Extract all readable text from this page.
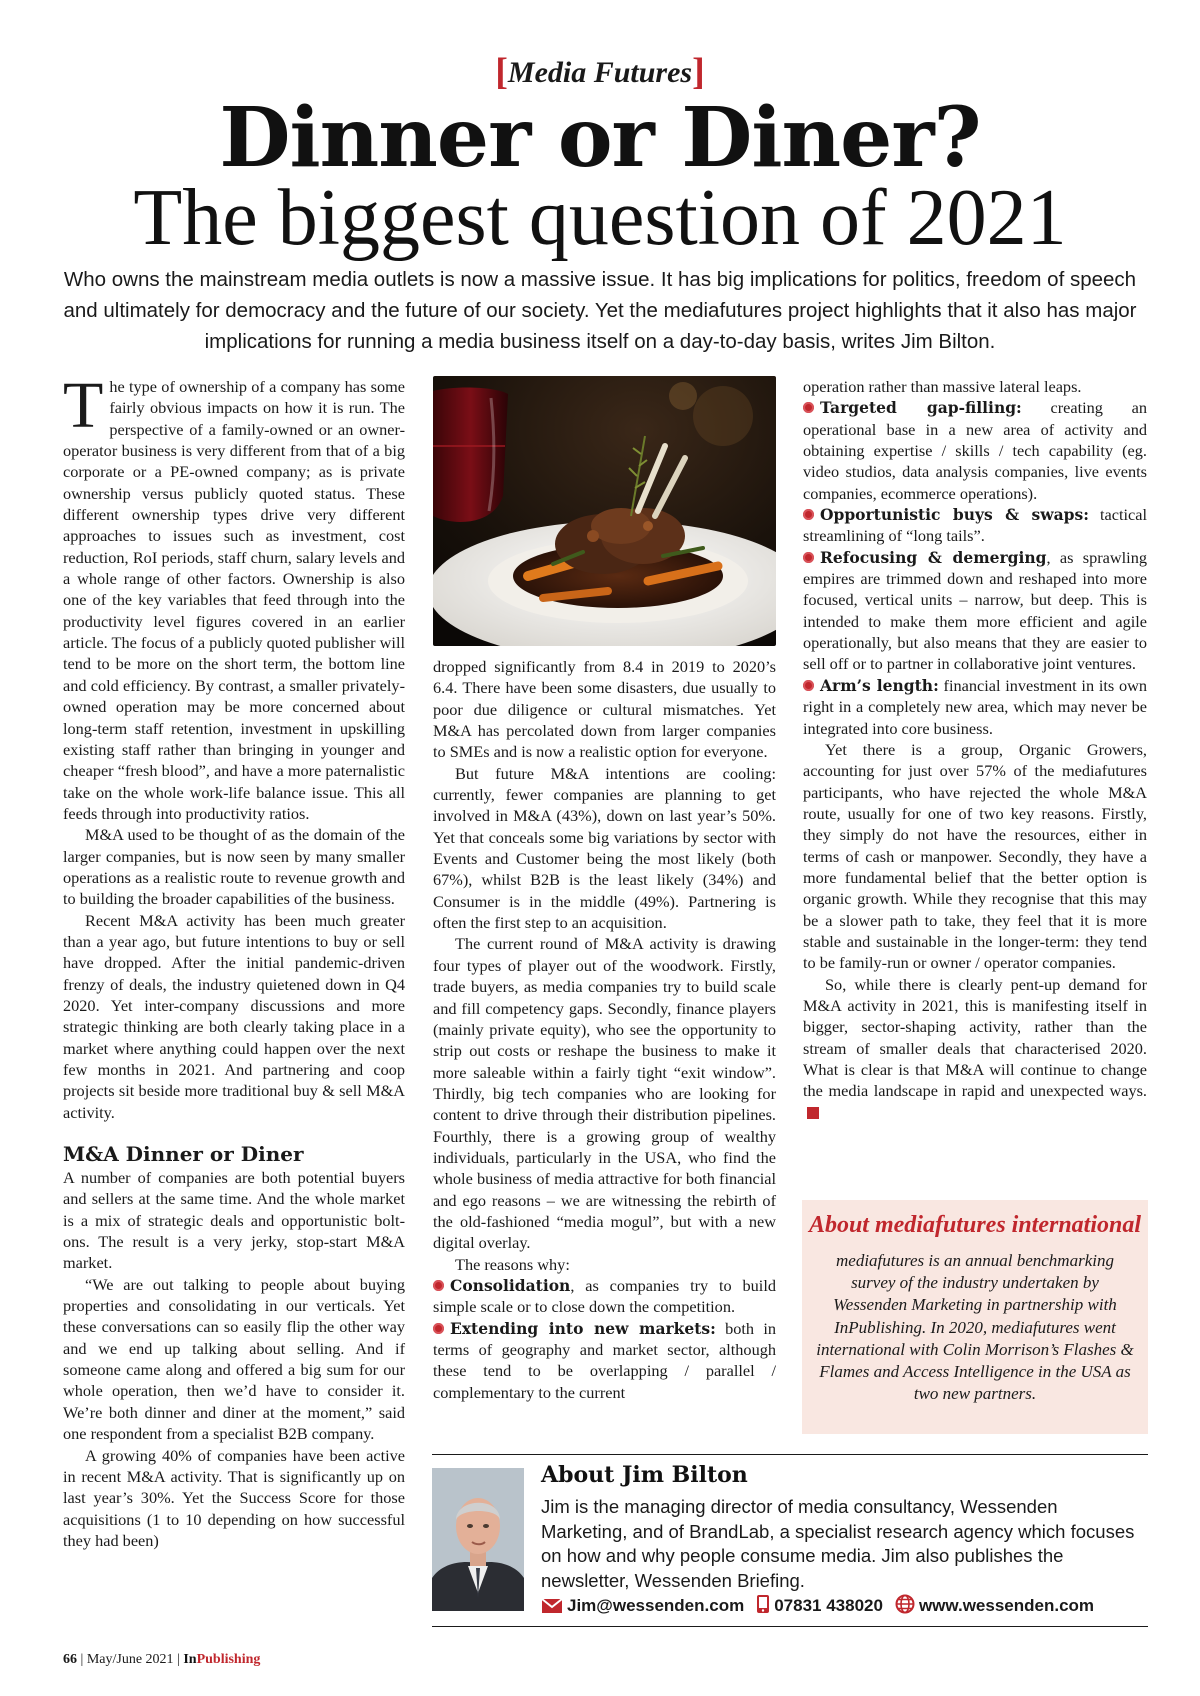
[Media Futures]
Dinner or Diner?
The biggest question of 2021
Who owns the mainstream media outlets is now a massive issue. It has big implications for politics, freedom of speech and ultimately for democracy and the future of our society. Yet the mediafutures project highlights that it also has major implications for running a media business itself on a day-to-day basis, writes Jim Bilton.

The type of ownership of a company has some fairly obvious impacts on how it is run. The perspective of a family-owned or an owner-operator business is very different from that of a big corporate or a PE-owned company; as is private ownership versus publicly quoted status. These different ownership types drive very different approaches to issues such as investment, cost reduction, RoI periods, staff churn, salary levels and a whole range of other factors. Ownership is also one of the key variables that feed through into the productivity level figures covered in an earlier article. The focus of a publicly quoted publisher will tend to be more on the short term, the bottom line and cold efficiency. By contrast, a smaller privately-owned operation may be more concerned about long-term staff retention, investment in upskilling existing staff rather than bringing in younger and cheaper “fresh blood”, and have a more paternalistic take on the whole work-life balance issue. This all feeds through into productivity ratios.

M&A used to be thought of as the domain of the larger companies, but is now seen by many smaller operations as a realistic route to revenue growth and to building the broader capabilities of the business.

Recent M&A activity has been much greater than a year ago, but future intentions to buy or sell have dropped. After the initial pandemic-driven frenzy of deals, the industry quietened down in Q4 2020. Yet inter-company discussions and more strategic thinking are both clearly taking place in a market where anything could happen over the next few months in 2021. And partnering and coop projects sit beside more traditional buy & sell M&A activity.

M&A Dinner or Diner

A number of companies are both potential buyers and sellers at the same time. And the whole market is a mix of strategic deals and opportunistic bolt-ons. The result is a very jerky, stop-start M&A market.

“We are out talking to people about buying properties and consolidating in our verticals. Yet these conversations can so easily flip the other way and we end up talking about selling. And if someone came along and offered a big sum for our whole operation, then we’d have to consider it. We’re both dinner and diner at the moment,” said one respondent from a specialist B2B company.

A growing 40% of companies have been active in recent M&A activity. That is significantly up on last year’s 30%. Yet the Success Score for those acquisitions (1 to 10 depending on how successful they had been)

dropped significantly from 8.4 in 2019 to 2020’s 6.4. There have been some disasters, due usually to poor due diligence or cultural mismatches. Yet M&A has percolated down from larger companies to SMEs and is now a realistic option for everyone.

But future M&A intentions are cooling: currently, fewer companies are planning to get involved in M&A (43%), down on last year’s 50%. Yet that conceals some big variations by sector with Events and Customer being the most likely (both 67%), whilst B2B is the least likely (34%) and Consumer is in the middle (49%). Partnering is often the first step to an acquisition.

The current round of M&A activity is drawing four types of player out of the woodwork. Firstly, trade buyers, as media companies try to build scale and fill competency gaps. Secondly, finance players (mainly private equity), who see the opportunity to strip out costs or reshape the business to make it more saleable within a fairly tight “exit window”. Thirdly, big tech companies who are looking for content to drive through their distribution pipelines. Fourthly, there is a growing group of wealthy individuals, particularly in the USA, who find the whole business of media attractive for both financial and ego reasons – we are witnessing the rebirth of the old-fashioned “media mogul”, but with a new digital overlay.

The reasons why:

Consolidation, as companies try to build simple scale or to close down the competition.

Extending into new markets: both in terms of geography and market sector, although these tend to be overlapping / parallel / complementary to the current

operation rather than massive lateral leaps.

Targeted gap-filling: creating an operational base in a new area of activity and obtaining expertise / skills / tech capability (eg. video studios, data analysis companies, live events companies, ecommerce operations).

Opportunistic buys & swaps: tactical streamlining of “long tails”.

Refocusing & demerging, as sprawling empires are trimmed down and reshaped into more focused, vertical units – narrow, but deep. This is intended to make them more efficient and agile operationally, but also means that they are easier to sell off or to partner in collaborative joint ventures.

Arm’s length: financial investment in its own right in a completely new area, which may never be integrated into core business.

Yet there is a group, Organic Growers, accounting for just over 57% of the mediafutures participants, who have rejected the whole M&A route, usually for one of two key reasons. Firstly, they simply do not have the resources, either in terms of cash or manpower. Secondly, they have a more fundamental belief that the better option is organic growth. While they recognise that this may be a slower path to take, they feel that it is more stable and sustainable in the longer-term: they tend to be family-run or owner / operator companies.

So, while there is clearly pent-up demand for M&A activity in 2021, this is manifesting itself in bigger, sector-shaping activity, rather than the stream of smaller deals that characterised 2020. What is clear is that M&A will continue to change the media landscape in rapid and unexpected ways.

About mediafutures international
mediafutures is an annual benchmarking survey of the industry undertaken by Wessenden Marketing in partnership with InPublishing. In 2020, mediafutures went international with Colin Morrison’s Flashes & Flames and Access Intelligence in the USA as two new partners.
About Jim Bilton
Jim is the managing director of media consultancy, Wessenden Marketing, and of BrandLab, a specialist research agency which focuses on how and why people consume media. Jim also publishes the newsletter, Wessenden Briefing.
Jim@wessenden.com 07831 438020 www.wessenden.com
66 | May/June 2021 | InPublishing
